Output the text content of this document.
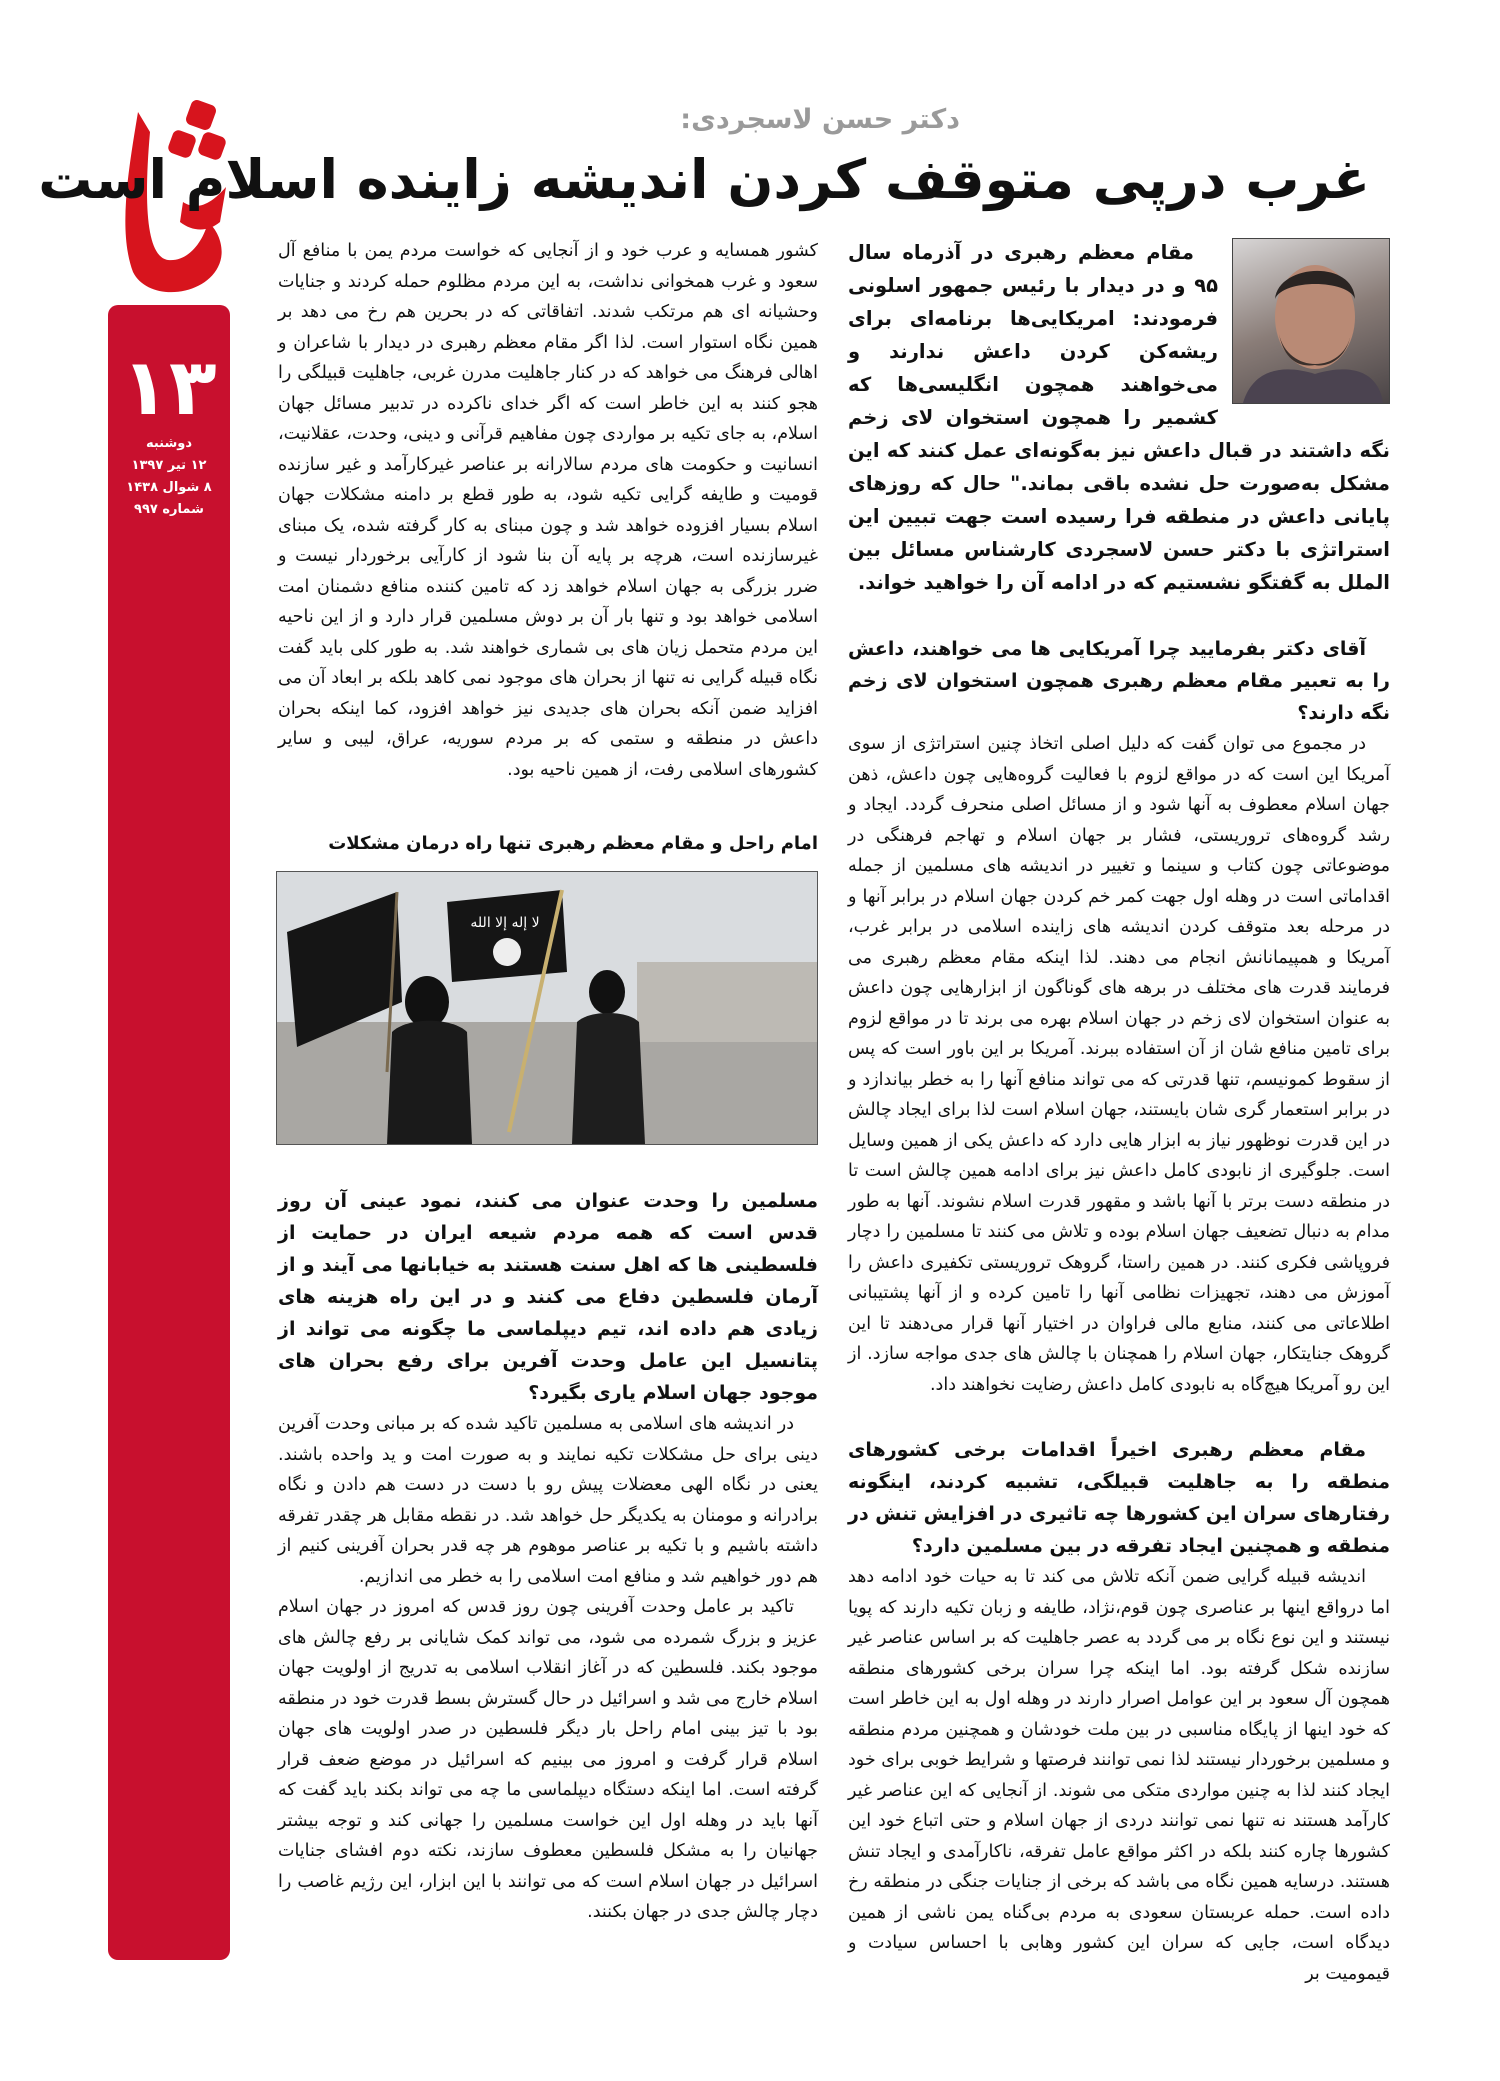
۱۳
دوشنبه
۱۲ تیر ۱۳۹۷
۸ شوال ۱۴۳۸
شماره ۹۹۷
دکتر حسن لاسجردی:
غرب درپی متوقف کردن اندیشه زاینده اسلام است

مقام معظم رهبری در آذرماه سال ۹۵ و در دیدار با رئیس جمهور اسلونی فرمودند: امریکایی‌ها برنامه‌ای برای ریشه‌کن کردن داعش ندارند و می‌خواهند همچون انگلیسی‌ها که کشمیر را همچون استخوان لای زخم نگه داشتند در قبال داعش نیز به‌گونه‌ای عمل کنند که این مشکل به‌صورت حل نشده باقی بماند." حال که روزهای پایانی داعش در منطقه فرا رسیده است جهت تبیین این استراتژی با دکتر حسن لاسجردی کارشناس مسائل بین الملل به گفتگو نشستیم که در ادامه آن را خواهید خواند.

آقای دکتر بفرمایید چرا آمریکایی ها می خواهند، داعش را به تعبیر مقام معظم رهبری همچون استخوان لای زخم نگه دارند؟

در مجموع می توان گفت که دلیل اصلی اتخاذ چنین استراتژی از سوی آمریکا این است که در مواقع لزوم با فعالیت گروه‌هایی چون داعش، ذهن جهان اسلام معطوف به آنها شود و از مسائل اصلی منحرف گردد. ایجاد و رشد گروه‌های تروریستی، فشار بر جهان اسلام و تهاجم فرهنگی در موضوعاتی چون کتاب و سینما و تغییر در اندیشه های مسلمین از جمله اقداماتی است در وهله اول جهت کمر خم کردن جهان اسلام در برابر آنها و در مرحله بعد متوقف کردن اندیشه های زاینده اسلامی در برابر غرب، آمریکا و همپیمانانش انجام می دهند. لذا اینکه مقام معظم رهبری می فرمایند قدرت های مختلف در برهه های گوناگون از ابزارهایی چون داعش به عنوان استخوان لای زخم در جهان اسلام بهره می برند تا در مواقع لزوم برای تامین منافع شان از آن استفاده ببرند. آمریکا بر این باور است که پس از سقوط کمونیسم، تنها قدرتی که می تواند منافع آنها را به خطر بیاندازد و در برابر استعمار گری شان بایستند، جهان اسلام است لذا برای ایجاد چالش در این قدرت نوظهور نیاز به ابزار هایی دارد که داعش یکی از همین وسایل است. جلوگیری از نابودی کامل داعش نیز برای ادامه همین چالش است تا در منطقه دست برتر با آنها باشد و مقهور قدرت اسلام نشوند. آنها به طور مدام به دنبال تضعیف جهان اسلام بوده و تلاش می کنند تا مسلمین را دچار فروپاشی فکری کنند. در همین راستا، گروهک تروریستی تکفیری داعش را آموزش می دهند، تجهیزات نظامی آنها را تامین کرده و از آنها پشتیبانی اطلاعاتی می کنند، منابع مالی فراوان در اختیار آنها قرار می‌دهند تا این گروهک جنایتکار، جهان اسلام را همچنان با چالش های جدی مواجه سازد. از این رو آمریکا هیچ‌گاه به نابودی کامل داعش رضایت نخواهند داد.

مقام معظم رهبری اخیراً اقدامات برخی کشورهای منطقه را به جاهلیت قبیلگی، تشبیه کردند، اینگونه رفتارهای سران این کشورها چه تاثیری در افزایش تنش در منطقه و همچنین ایجاد تفرقه در بین مسلمین دارد؟

اندیشه قبیله گرایی ضمن آنکه تلاش می کند تا به حیات خود ادامه دهد اما درواقع اینها بر عناصری چون قوم،نژاد، طایفه و زبان تکیه دارند که پویا نیستند و این نوع نگاه بر می گردد به عصر جاهلیت که بر اساس عناصر غیر سازنده شکل گرفته بود. اما اینکه چرا سران برخی کشورهای منطقه همچون آل سعود بر این عوامل اصرار دارند در وهله اول به این خاطر است که خود اینها از پایگاه مناسبی در بین ملت خودشان و همچنین مردم منطقه و مسلمین برخوردار نیستند لذا نمی توانند فرصتها و شرایط خوبی برای خود ایجاد کنند لذا به چنین مواردی متکی می شوند. از آنجایی که این عناصر غیر کارآمد هستند نه تنها نمی توانند دردی از جهان اسلام و حتی اتباع خود این کشورها چاره کنند بلکه در اکثر مواقع عامل تفرقه، ناکارآمدی و ایجاد تنش هستند. درسایه همین نگاه می باشد که برخی از جنایات جنگی در منطقه رخ داده است. حمله عربستان سعودی به مردم بی‌گناه یمن ناشی از همین دیدگاه است، جایی که سران این کشور وهابی با احساس سیادت و قیمومیت بر

کشور همسایه و عرب خود و از آنجایی که خواست مردم یمن با منافع آل سعود و غرب همخوانی نداشت، به این مردم مظلوم حمله کردند و جنایات وحشیانه ای هم مرتکب شدند. اتفاقاتی که در بحرین هم رخ می دهد بر همین نگاه استوار است. لذا اگر مقام معظم رهبری در دیدار با شاعران و اهالی فرهنگ می خواهد که در کنار جاهلیت مدرن غربی، جاهلیت قبیلگی را هجو کنند به این خاطر است که اگر خدای ناکرده در تدبیر مسائل جهان اسلام، به جای تکیه بر مواردی چون مفاهیم قرآنی و دینی، وحدت، عقلانیت، انسانیت و حکومت های مردم سالارانه بر عناصر غیرکارآمد و غیر سازنده قومیت و طایفه گرایی تکیه شود، به طور قطع بر دامنه مشکلات جهان اسلام بسیار افزوده خواهد شد و چون مبنای به کار گرفته شده، یک مبنای غیرسازنده است، هرچه بر پایه آن بنا شود از کارآیی برخوردار نیست و ضرر بزرگی به جهان اسلام خواهد زد که تامین کننده منافع دشمنان امت اسلامی خواهد بود و تنها بار آن بر دوش مسلمین قرار دارد و از این ناحیه این مردم متحمل زیان های بی شماری خواهند شد. به طور کلی باید گفت نگاه قبیله گرایی نه تنها از بحران های موجود نمی کاهد بلکه بر ابعاد آن می افزاید ضمن آنکه بحران های جدیدی نیز خواهد افزود، کما اینکه بحران داعش در منطقه و ستمی که بر مردم سوریه، عراق، لیبی و سایر کشورهای اسلامی رفت، از همین ناحیه بود.

امام راحل و مقام معظم رهبری تنها راه درمان مشکلات
لا إله إلا الله

مسلمین را وحدت عنوان می کنند، نمود عینی آن روز قدس است که همه مردم شیعه ایران در حمایت از فلسطینی ها که اهل سنت هستند به خیابانها می آیند و از آرمان فلسطین دفاع می کنند و در این راه هزینه های زیادی هم داده اند، تیم دیپلماسی ما چگونه می تواند از پتانسیل این عامل وحدت آفرین برای رفع بحران های موجود جهان اسلام یاری بگیرد؟

در اندیشه های اسلامی به مسلمین تاکید شده که بر مبانی وحدت آفرین دینی برای حل مشکلات تکیه نمایند و به صورت امت و ید واحده باشند. یعنی در نگاه الهی معضلات پیش رو با دست در دست هم دادن و نگاه برادرانه و مومنان به یکدیگر حل خواهد شد. در نقطه مقابل هر چقدر تفرقه داشته باشیم و با تکیه بر عناصر موهوم هر چه قدر بحران آفرینی کنیم از هم دور خواهیم شد و منافع امت اسلامی را به خطر می اندازیم.

تاکید بر عامل وحدت آفرینی چون روز قدس که امروز در جهان اسلام عزیز و بزرگ شمرده می شود، می تواند کمک شایانی بر رفع چالش های موجود بکند. فلسطین که در آغاز انقلاب اسلامی به تدریج از اولویت جهان اسلام خارج می شد و اسرائیل در حال گسترش بسط قدرت خود در منطقه بود با تیز بینی امام راحل بار دیگر فلسطین در صدر اولویت های جهان اسلام قرار گرفت و امروز می بینیم که اسرائیل در موضع ضعف قرار گرفته است. اما اینکه دستگاه دیپلماسی ما چه می تواند بکند باید گفت که آنها باید در وهله اول این خواست مسلمین را جهانی کند و توجه بیشتر جهانیان را به مشکل فلسطین معطوف سازند، نکته دوم افشای جنایات اسرائیل در جهان اسلام است که می توانند با این ابزار، این رژیم غاصب را دچار چالش جدی در جهان بکنند.
